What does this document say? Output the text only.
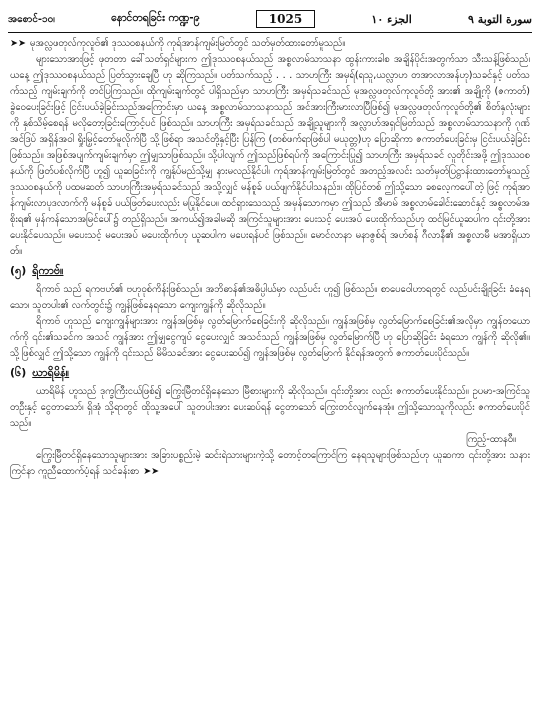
အစောင်-၁၀၊	နောင်တရခြင်း ကဏ္ဍ-၉	1025	الجزء ١٠	سورة التوبة ٩

➤➤ မုအလ္လဖတုလ်ကုလူဗ်၏ ဒုဿ၀စနယ်ကို ကုရ်အာန်ကျမ်းမြတ်တွင် သတ်မှတ်ထားတော်မူသည်။

များသောအားဖြင့် ဖုတတာ ခေါ်သတ်ရှင်များက ဤဒုဿ၀စနယ်သည် အစ္စလာမ်သာသနာ ထွန်းကားခါစ အချိန်ပိုင်းအတွက်သာ သီးသန့်ဖြစ်သည်၊ ယနေ့ ဤဒုဿ၀စနယ်သည် ပြတ်သွားချေပြီ ဟု ဆိုကြသည်။ ပတ်သက်သည့် . . . သာဟကြီး အမှရ်(ရသူ,ယလ္လာဟ တအာလာအန်ဟု)သခင်နှင့် ပတ်သက်သည့် ကျမ်းချက်ကို တင်ပြကြသည်။ ထိုကျမ်းချက်တွင် ပါရှိသည်မှာ သာဟကြီး အမှရ်သခင်သည် မုအလ္လဖတုလ်ကုလူဗ်တို့ အား၏ အချို့ကို (ဇကာတ်) ခွဲဝေပေးခြင်းဖြင့် ငြင်းပယ်ခဲ့ခြင်းသည်အကြောင်းမှာ ယနေ့ အစ္စလာမ်သာသနာသည် အင်အားကြီးမားလာပြီဖြစ်၍ မုအလ္လဖတုလ်ကုလူဗ်တို့၏ စိတ်နှလုံးများကို နှစ်သိမ့်စေရန် မလိုတော့ခြင်းကြောင့်ပင် ဖြစ်သည်။ သာဟကြီး အမှရ်သခင်သည် အချို့သူများကို အလ္လာဟ်အရှင်မြတ်သည် အစ္စလာမ်သာသနာကို ဂုဏ်အင်ဒြပ် အရှိန်အဝါ ရှိုးမြှင့်တော်မူလိုက်ပြီ သို့ဖြစ်ရာ အသင်တို့နှင့်ပြီး ပြန်ကြ (တစ်ဖက်ရာဖြစ်ပါ မယုတ္တ)ဟု ပြောဆိုကာ ဇကာတ်ပေးခြင်းမှ ငြင်းပယ်ခဲ့ခြင်းဖြစ်သည်။ အဖြစ်အပျက်ကျမ်းချက်မှာ ဤမျှသာဖြစ်သည်။ သို့ပါလျက် ဤသည်ဖြစ်ရပ်ကို အကြောင်းပြု၍ သာဟကြီး အမှရ်သခင် လူတိုင်းအဖို့ ဤဒုဿ၀စနယ်ကို ဖြတ်ပစ်လိုက်ပြီ ဟူ၍ ယူဆခြင်းကို ကျွန်ုပ်မည်သို့မျှ နားမလည်နိုင်ပါ၊ ကုရ်အာန်ကျမ်းမြတ်တွင် အတည့်အလင်း သတ်မှတ်ပြဋ္ဌာန်းထားတော်မူသည့် ဒုဿ၀စနယ်ကို ပထမဆတ် သာဟကြီးအမှရ်သခင်သည် အသို့လျှင် မန်စူခ် ပယ်ဖျက်နိုင်ပါသနည်း။ ထိုပြင်တစ် ဤသို့သော ခစလေ့ကပေါ်တဲ့ ဖြင့် ကုရ်အာန်ကျမ်းလာပုဒလာက်ကို မန်စူခ် ပယ်ဖြတ်ပေးလည်း မပြုနိုင်ပေ။ ထင်ရှားသေသည့် အမှန်သောကမှာ ဤသည် အီမာမ် အစ္စလာမ်ခေါင်းဆောင်နှင့် အစ္စလာမ်အစိုးရ၏ မှန်ကန်သောအမြင်ပေါ်၌ တည်ရှိသည်။ အကယ်၍အခါမဆို အကြင်သူများအား ပေးသင့် ပေးအပ် ပေးထိုက်သည်ဟု ထင်မြင်ယူဆပါက ၎င်းတို့အား ပေးနိုင်ပေသည်။ မပေးသင့် မပေးအပ် မပေးထိုက်ဟု ယူဆပါက မပေးရန်ပင် ဖြစ်သည်။ မောင်လာနာ မနာဇွစ်ရ် အဟ်စန် ဂီလာနီ၏ အစ္စလာမီ မအာရှိယာတ်။

(၅) ရိကာဗ်။

ရိကာဗ် သည် ရကဗဟ်၏ ဗဟုဝုစ်ကိန်းဖြစ်သည်။ အဘိဓာန်၏အဓိပ္ပါယ်မှာ လည်ပင်း ဟူ၍ ဖြစ်သည်။ စာပေဝေါဟာရတွင် လည်ပင်းချိုးခြင်း ခံနေရသော၊ သူတပါး၏ လက်တွင်း၌ ကျွန်ဖြစ်နေရသော ကျေးကျွန်ကို ဆိုလိုသည်။

ရိကာဗ် ဟူသည် ကျေးကျွန်များအား ကျွန်အဖြစ်မှ လွတ်မြောက်စေခြင်းကို ဆိုလိုသည်။ ကျွန်အဖြစ်မှ လွတ်မြောက်စေခြင်း၏အလိုမှာ ကျွန်တယောက်ကို ၎င်း၏သခင်က အသင် ကျွန်အား ဤမျှငွေကျပ် ငွေပေးလျှင် အသင်သည် ကျွန်အဖြစ်မှ လွတ်မြောက်ပြီ ဟု ပြောဆိုခြင်း ခံရသော ကျွန်ကို ဆိုလို၏။ သို့ဖြစ်လျှင် ဤသို့သော ကျွန်ကို ၎င်းသည် မိမိသခင်အား ငွေပေးဆပ်၍ ကျွန်အဖြစ်မှ လွတ်မြောက် နိုင်ရန်အတွက် ဇကာတ်ပေးပိုင်သည်။

(၆) ဃာရိမိန်။

ယာရိမိန် ဟူသည် ဒုက္ခကြီးငယ်ဖြစ်၍ ကြွေးမြီတင်ရှိနေသော မြီစားများကို ဆိုလိုသည်။ ၎င်းတို့အား လည်း ဇကာတ်ပေးနိုင်သည်။ ဥပမာ-အကြင်သူတဦးနှင့် ငွေတာသော်၊ ရှိအုံ သို့ရာတွင် ထိုသူ့အပေါ် သူတပါးအား ပေးဆပ်ရန် ငွေတာသော် ကြွေးတင်လျက်နေအုံ။ ဤသို့သောသူကိုလည်း ဇကာတ်ပေးပိုင်သည်။

ကြည့်-ထာနဝီ။

ကြွေးမြီတင်ရှိနေသောသူများအား အခြားပစ္စည်းမဲ့ ဆင်းရဲသားများကဲ့သို့ တောင့်တကြောင်ကြ နေရသူများဖြစ်သည်ဟု ယူဆကာ ၎င်းတို့အား သနားကြင်နာ ကူညီထောက်ပံ့ရန် သင်ခန်းစာ ➤➤
